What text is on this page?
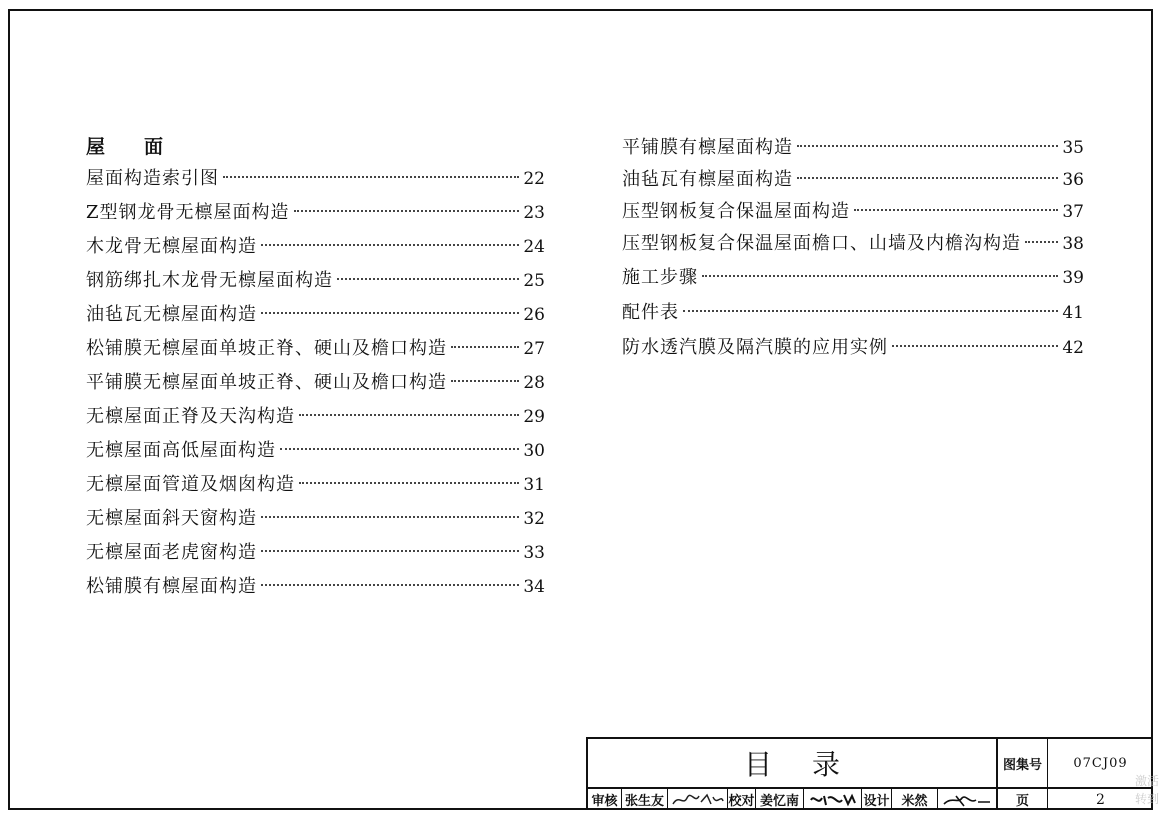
屋　面
屋面构造索引图	22
Z型钢龙骨无檩屋面构造	23
木龙骨无檩屋面构造	24
钢筋绑扎木龙骨无檩屋面构造	25
油毡瓦无檩屋面构造	26
松铺膜无檩屋面单坡正脊、硬山及檐口构造	27
平铺膜无檩屋面单坡正脊、硬山及檐口构造	28
无檩屋面正脊及天沟构造	29
无檩屋面高低屋面构造	30
无檩屋面管道及烟囱构造	31
无檩屋面斜天窗构造	32
无檩屋面老虎窗构造	33
松铺膜有檩屋面构造	34
平铺膜有檩屋面构造	35
油毡瓦有檩屋面构造	36
压型钢板复合保温屋面构造	37
压型钢板复合保温屋面檐口、山墙及内檐沟构造 38
施工步骤	39
配件表	41
防水透汽膜及隔汽膜的应用实例	42
目录	图集号	07CJ09
审核 张生友	校对 姜忆南	设计 米然	页	2
激活
转到
